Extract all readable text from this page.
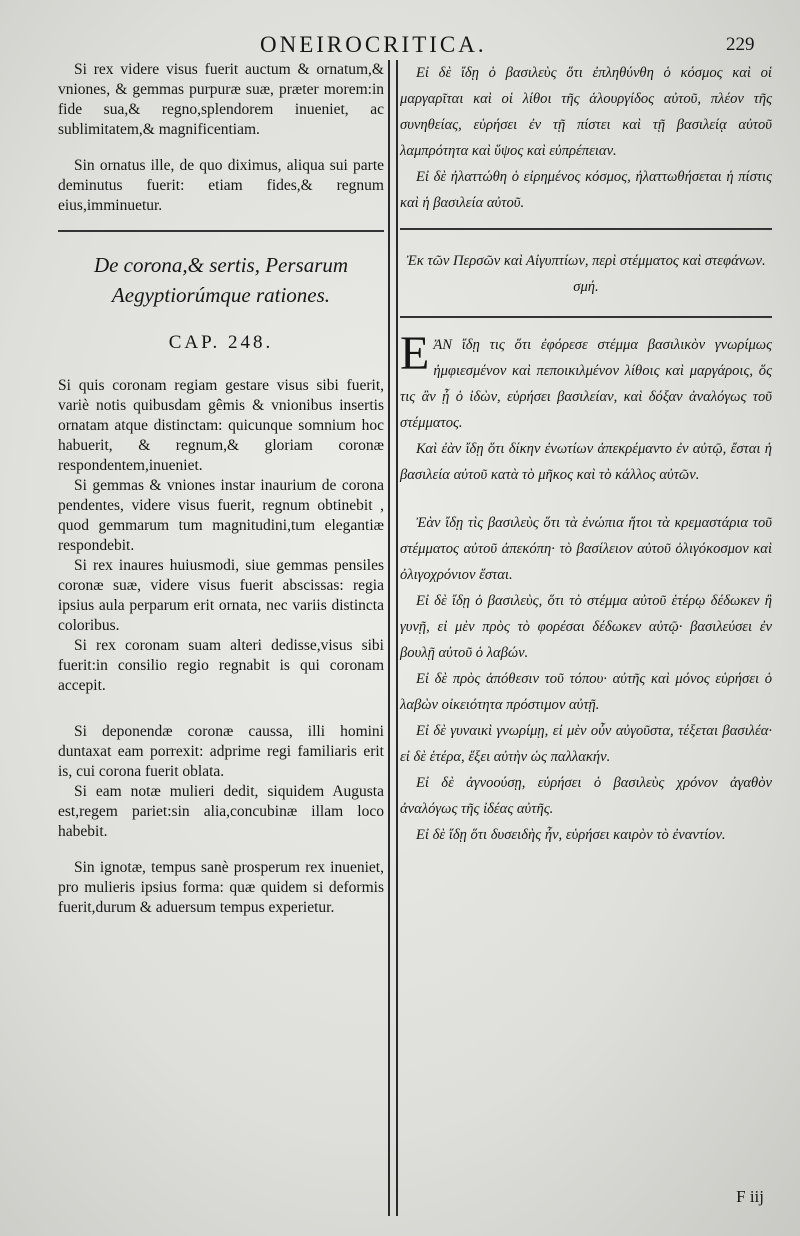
ONEIROCRITICA.	229

Si rex videre visus fuerit auctum & ornatum,& vniones, & gemmas purpuræ suæ, præter morem:in fide sua,& regno,splendorem inueniet, ac sublimitatem,& magnificentiam.

Sin ornatus ille, de quo diximus, aliqua sui parte deminutus fuerit: etiam fides,& regnum eius,imminuetur.

De corona,& sertis, Persarum Aegyptiorúmque rationes.

CAP. 248.

Si quis coronam regiam gestare visus sibi fuerit, variè notis quibusdam gêmis & vnionibus insertis ornatam atque distinctam: quicunque somnium hoc habuerit, & regnum,& gloriam coronæ respondentem,inueniet.

Si gemmas & vniones instar inaurium de corona pendentes, videre visus fuerit, regnum obtinebit , quod gemmarum tum magnitudini,tum elegantiæ respondebit.

Si rex inaures huiusmodi, siue gemmas pensiles coronæ suæ, videre visus fuerit abscissas: regia ipsius aula perparum erit ornata, nec variis distincta coloribus.

Si rex coronam suam alteri dedisse,visus sibi fuerit:in consilio regio regnabit is qui coronam accepit.

Si deponendæ coronæ caussa, illi homini duntaxat eam porrexit: adprime regi familiaris erit is, cui corona fuerit oblata.

Si eam notæ mulieri dedit, siquidem Augusta est,regem pariet:sin alia,concubinæ illam loco habebit.

Sin ignotæ, tempus sanè prosperum rex inueniet, pro mulieris ipsius forma: quæ quidem si deformis fuerit,durum & aduersum tempus experietur.

Εἰ δὲ ἴδῃ ὁ βασιλεὺς ὅτι ἐπληθύνθη ὁ κόσμος καὶ οἱ μαργαρῖται καὶ οἱ λίθοι τῆς ἁλουργίδος αὐτοῦ, πλέον τῆς συνηθείας, εὑρήσει ἐν τῇ πίστει καὶ τῇ βασιλείᾳ αὐτοῦ λαμπρότητα καὶ ὕψος καὶ εὐπρέπειαν.

Εἰ δὲ ἠλαττώθη ὁ εἰρημένος κόσμος, ἠλαττωθήσεται ἡ πίστις καὶ ἡ βασιλεία αὐτοῦ.

Ἐκ τῶν Περσῶν καὶ Αἰγυπτίων, περὶ στέμματος καὶ στεφάνων. σμή.

ΕἈΝ ἴδῃ τις ὅτι ἐφόρεσε στέμμα βασιλικὸν γνωρίμως ἠμφιεσμένον καὶ πεποικιλμένον λίθοις καὶ μαργάροις, ὅς τις ἂν ᾖ ὁ ἰδὼν, εὑρήσει βασιλείαν, καὶ δόξαν ἀναλόγως τοῦ στέμματος.

Καὶ ἐὰν ἴδῃ ὅτι δίκην ἐνωτίων ἀπεκρέμαντο ἐν αὐτῷ, ἔσται ἡ βασιλεία αὐτοῦ κατὰ τὸ μῆκος καὶ τὸ κάλλος αὐτῶν.

Ἐὰν ἴδῃ τὶς βασιλεὺς ὅτι τὰ ἐνώπια ἤτοι τὰ κρεμαστάρια τοῦ στέμματος αὐτοῦ ἀπεκόπη· τὸ βασίλειον αὐτοῦ ὀλιγόκοσμον καὶ ὀλιγοχρόνιον ἔσται.

Εἰ δὲ ἴδῃ ὁ βασιλεὺς, ὅτι τὸ στέμμα αὐτοῦ ἑτέρῳ δέδωκεν ἢ γυνῇ, εἰ μὲν πρὸς τὸ φορέσαι δέδωκεν αὐτῷ· βασιλεύσει ἐν βουλῇ αὐτοῦ ὁ λαβών.

Εἰ δὲ πρὸς ἀπόθεσιν τοῦ τόπου· αὐτῆς καὶ μόνος εὑρήσει ὁ λαβὼν οἰκειότητα πρόστιμον αὐτῇ.

Εἰ δὲ γυναικὶ γνωρίμῃ, εἰ μὲν οὖν αὐγοῦστα, τέξεται βασιλέα· εἰ δὲ ἑτέρα, ἕξει αὐτὴν ὡς παλλακήν.

Εἰ δὲ ἀγνοούσῃ, εὑρήσει ὁ βασιλεὺς χρόνον ἀγαθὸν ἀναλόγως τῆς ἰδέας αὐτῆς.

Εἰ δὲ ἴδῃ ὅτι δυσειδὴς ἦν, εὑρήσει καιρὸν τὸ ἐναντίον.

F iij
